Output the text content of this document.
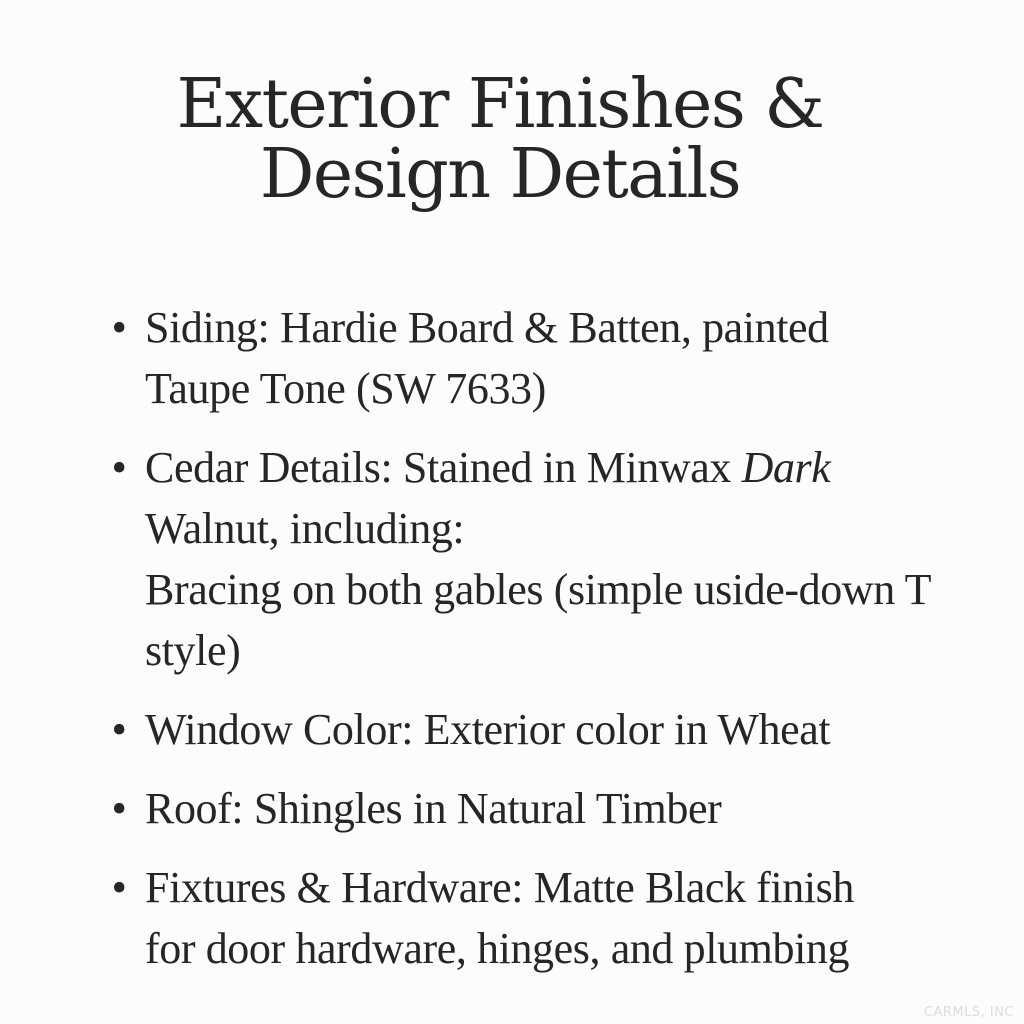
Exterior Finishes &
Design Details
• Siding: Hardie Board & Batten, painted
Taupe Tone (SW 7633)
• Cedar Details: Stained in Minwax Dark
Walnut, including:
Bracing on both gables (simple uside-down T
style)
• Window Color: Exterior color in Wheat
• Roof: Shingles in Natural Timber
• Fixtures & Hardware: Matte Black finish
for door hardware, hinges, and plumbing
CARMLS, INC
